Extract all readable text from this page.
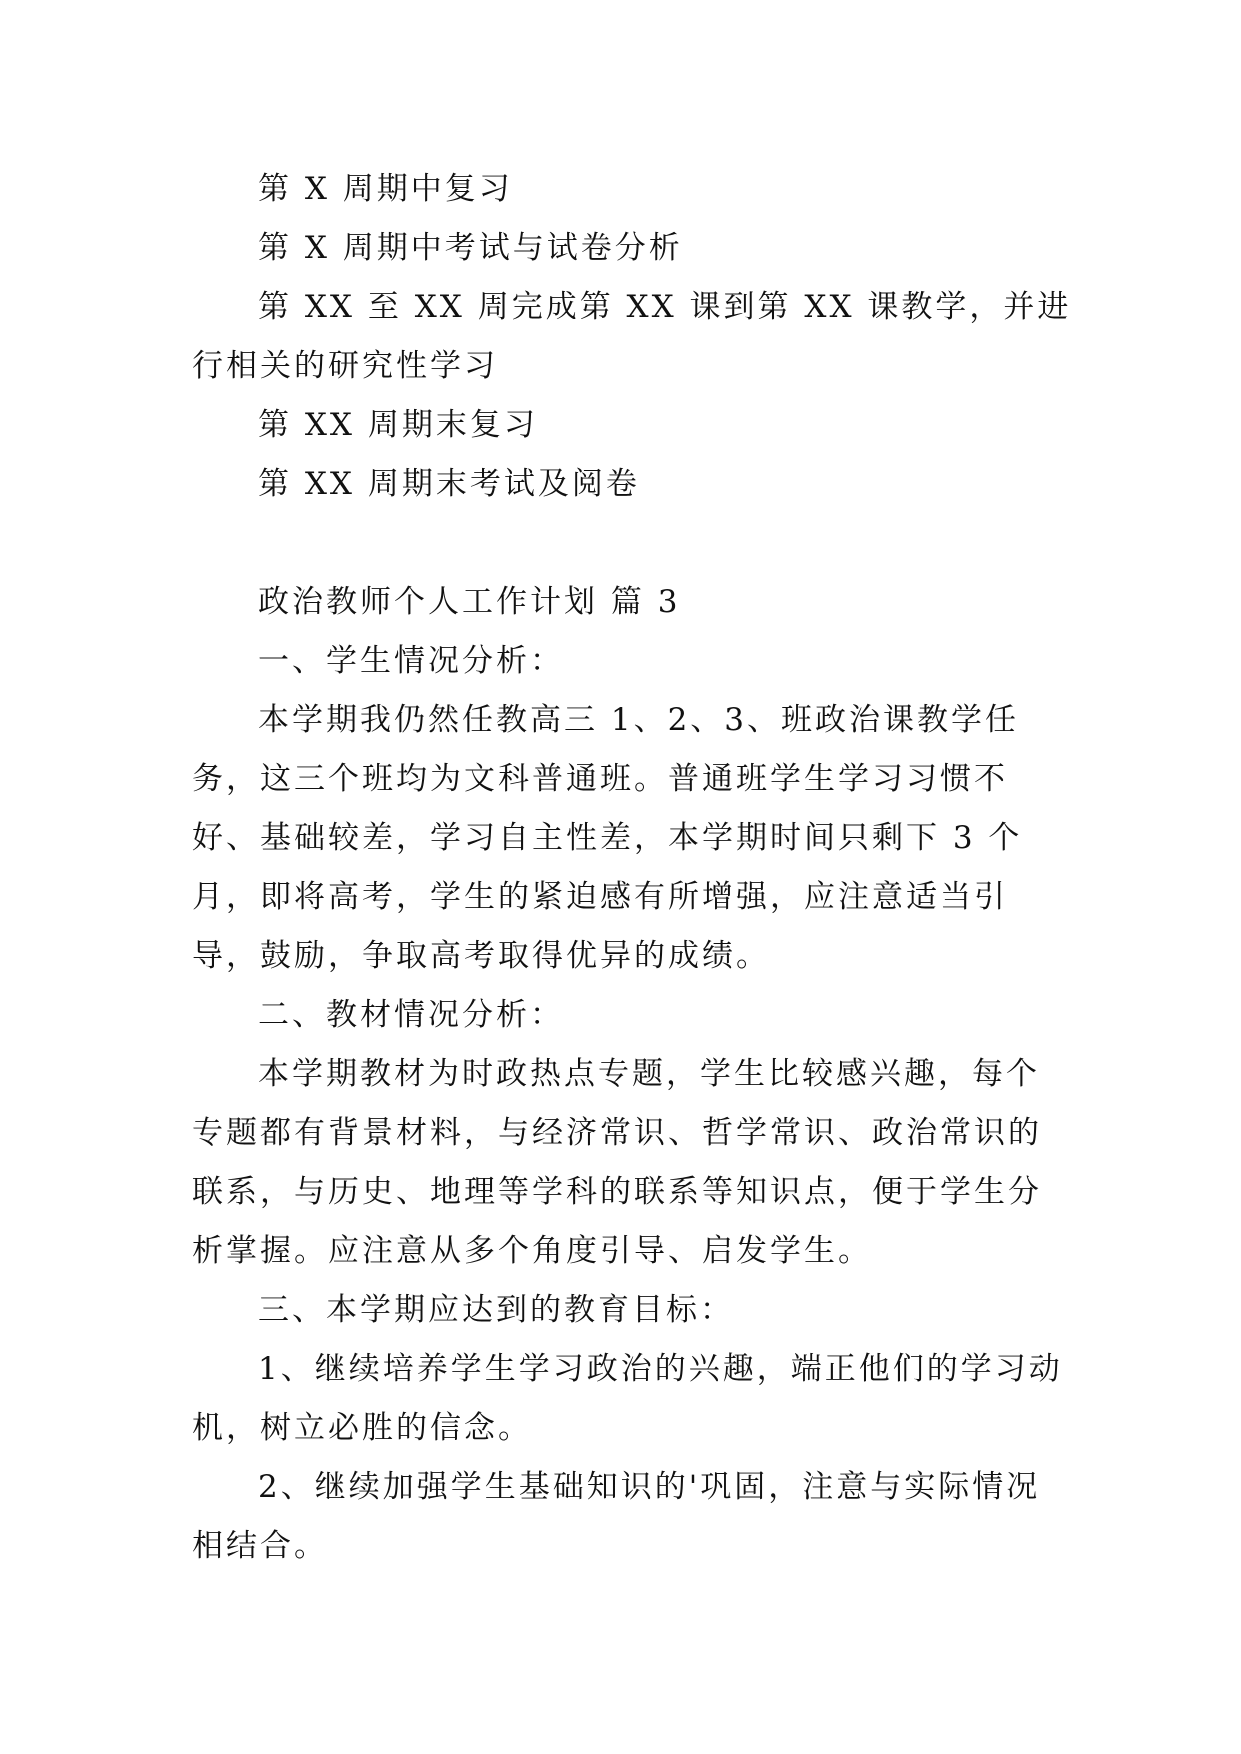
第 X 周期中复习

第 X 周期中考试与试卷分析

第 XX 至 XX 周完成第 XX 课到第 XX 课教学，并进行相关的研究性学习

第 XX 周期末复习

第 XX 周期末考试及阅卷

政治教师个人工作计划 篇 3

一、学生情况分析：

本学期我仍然任教高三 1、2、3、班政治课教学任务，这三个班均为文科普通班。普通班学生学习习惯不好、基础较差，学习自主性差，本学期时间只剩下 3 个月，即将高考，学生的紧迫感有所增强，应注意适当引导，鼓励，争取高考取得优异的成绩。

二、教材情况分析：

本学期教材为时政热点专题，学生比较感兴趣，每个专题都有背景材料，与经济常识、哲学常识、政治常识的联系，与历史、地理等学科的联系等知识点，便于学生分析掌握。应注意从多个角度引导、启发学生。

三、本学期应达到的教育目标：

1、继续培养学生学习政治的兴趣，端正他们的学习动机，树立必胜的信念。

2、继续加强学生基础知识的'巩固，注意与实际情况相结合。
